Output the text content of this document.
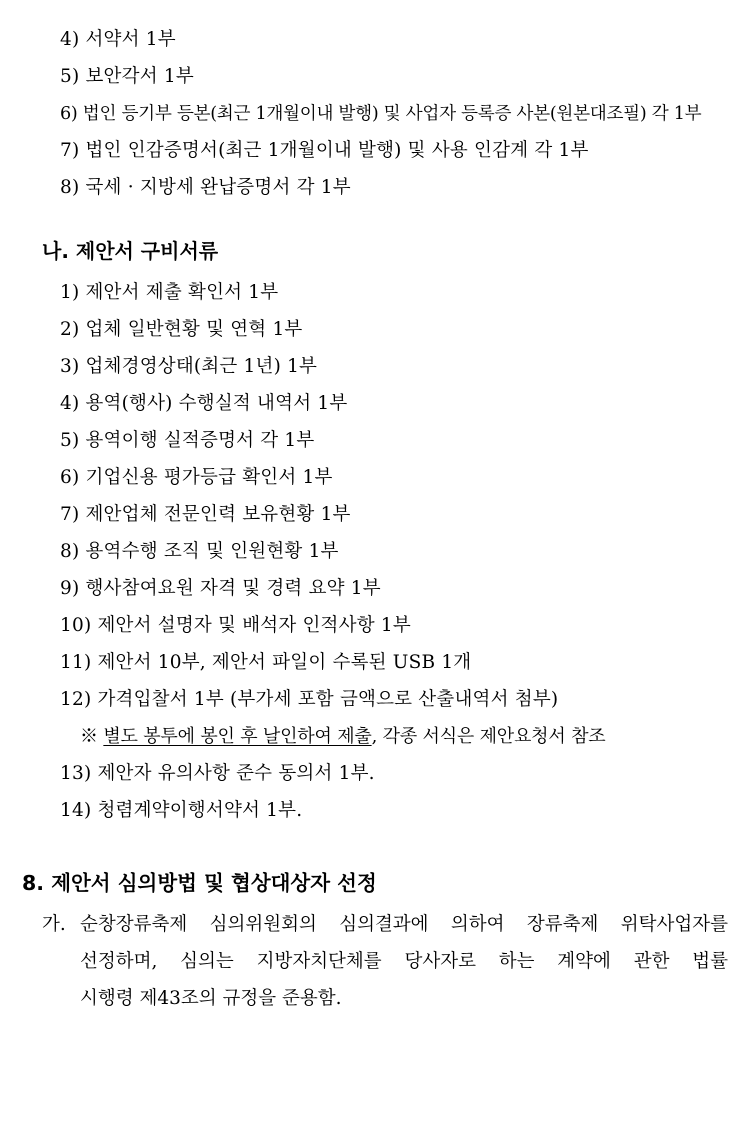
4) 서약서 1부
5) 보안각서 1부
6) 법인 등기부 등본(최근 1개월이내 발행) 및 사업자 등록증 사본(원본대조필) 각 1부
7) 법인 인감증명서(최근 1개월이내 발행) 및 사용 인감계 각 1부
8) 국세 · 지방세 완납증명서 각 1부
나. 제안서 구비서류
1) 제안서 제출 확인서 1부
2) 업체 일반현황 및 연혁 1부
3) 업체경영상태(최근 1년) 1부
4) 용역(행사) 수행실적 내역서 1부
5) 용역이행 실적증명서 각 1부
6) 기업신용 평가등급 확인서 1부
7) 제안업체 전문인력 보유현황 1부
8) 용역수행 조직 및 인원현황 1부
9) 행사참여요원 자격 및 경력 요약 1부
10) 제안서 설명자 및 배석자 인적사항 1부
11) 제안서 10부, 제안서 파일이 수록된 USB 1개
12) 가격입찰서 1부 (부가세 포함 금액으로 산출내역서 첨부)
※ 별도 봉투에 봉인 후 날인하여 제출, 각종 서식은 제안요청서 참조
13) 제안자 유의사항 준수 동의서 1부.
14) 청렴계약이행서약서 1부.
8. 제안서 심의방법 및 협상대상자 선정
가. 순창장류축제 심의위원회의 심의결과에 의하여 장류축제 위탁사업자를
선정하며, 심의는 지방자치단체를 당사자로 하는 계약에 관한 법률
시행령 제43조의 규정을 준용함.
